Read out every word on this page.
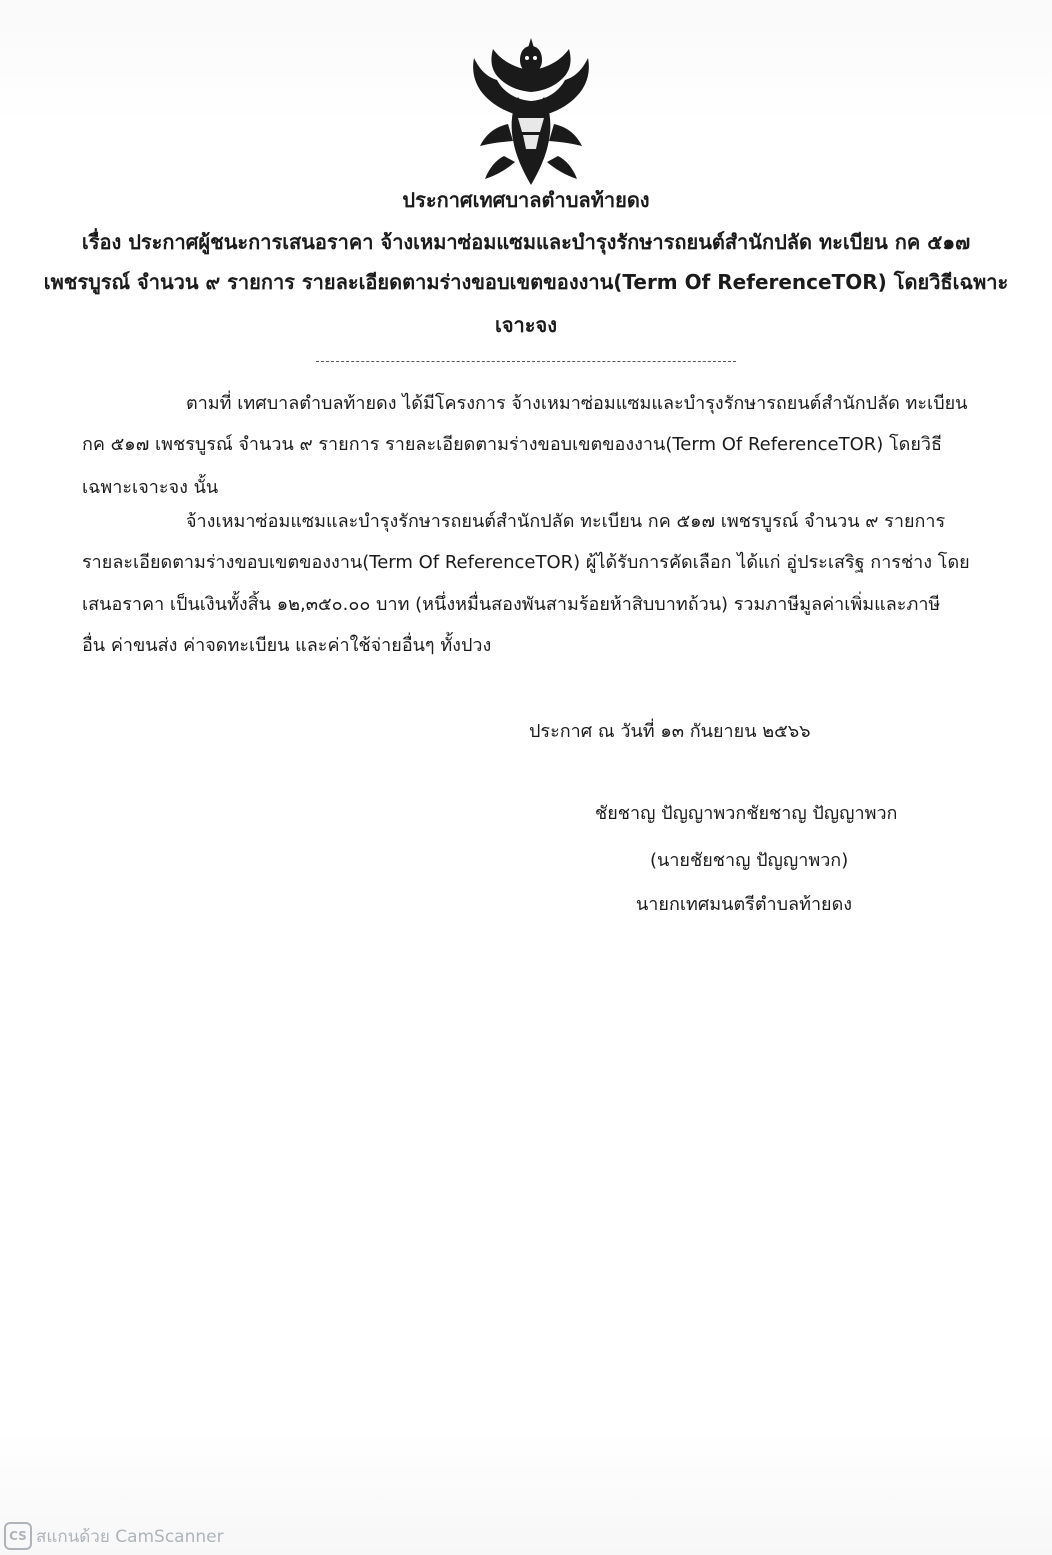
ประกาศเทศบาลตำบลท้ายดง
เรื่อง ประกาศผู้ชนะการเสนอราคา จ้างเหมาซ่อมแซมและบำรุงรักษารถยนต์สำนักปลัด ทะเบียน กค ๕๑๗
เพชรบูรณ์ จำนวน ๙ รายการ รายละเอียดตามร่างขอบเขตของงาน(Term Of ReferenceTOR) โดยวิธีเฉพาะ
เจาะจง
ตามที่ เทศบาลตำบลท้ายดง ได้มีโครงการ จ้างเหมาซ่อมแซมและบำรุงรักษารถยนต์สำนักปลัด ทะเบียน
กค ๕๑๗ เพชรบูรณ์ จำนวน ๙ รายการ รายละเอียดตามร่างขอบเขตของงาน(Term Of ReferenceTOR) โดยวิธี
เฉพาะเจาะจง นั้น
จ้างเหมาซ่อมแซมและบำรุงรักษารถยนต์สำนักปลัด ทะเบียน กค ๕๑๗ เพชรบูรณ์ จำนวน ๙ รายการ
รายละเอียดตามร่างขอบเขตของงาน(Term Of ReferenceTOR) ผู้ได้รับการคัดเลือก ได้แก่ อู่ประเสริฐ การช่าง โดย
เสนอราคา เป็นเงินทั้งสิ้น ๑๒,๓๕๐.๐๐ บาท (หนึ่งหมื่นสองพันสามร้อยห้าสิบบาทถ้วน) รวมภาษีมูลค่าเพิ่มและภาษี
อื่น ค่าขนส่ง ค่าจดทะเบียน และค่าใช้จ่ายอื่นๆ ทั้งปวง
ประกาศ ณ วันที่ ๑๓ กันยายน ๒๕๖๖
ชัยชาญ ปัญญาพวกชัยชาญ ปัญญาพวก
(นายชัยชาญ ปัญญาพวก)
นายกเทศมนตรีตำบลท้ายดง
CS สแกนด้วย CamScanner
